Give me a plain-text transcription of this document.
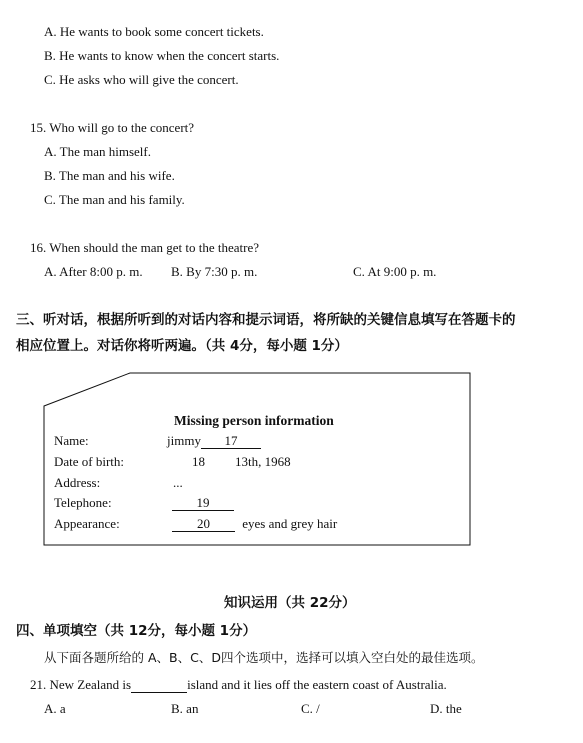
A. He wants to book some concert tickets.
B. He wants to know when the concert starts.
C. He asks who will give the concert.
15. Who will go to the concert?
A. The man himself.
B. The man and his wife.
C. The man and his family.
16. When should the man get to the theatre?
A. After 8:00 p. m. B. By 7:30 p. m.	C. At 9:00 p. m.
三、听对话，根据所听到的对话内容和提示词语，将所缺的关键信息填写在答题卡的
相应位置上。对话你将听两遍。（共 4分，每小题 1分）
Missing person information
Name:	jimmy 17
Date of birth:	18 13th, 1968
Address:	...
Telephone:	19
Appearance:	20 eyes and grey hair
知识运用（共 22分）
四、单项填空（共 12分，每小题 1分）
从下面各题所给的 A、B、C、D四个选项中，选择可以填入空白处的最佳选项。
21. New Zealand is	island and it lies off the eastern coast of Australia.
A. a	B. an	C. /	D. the
